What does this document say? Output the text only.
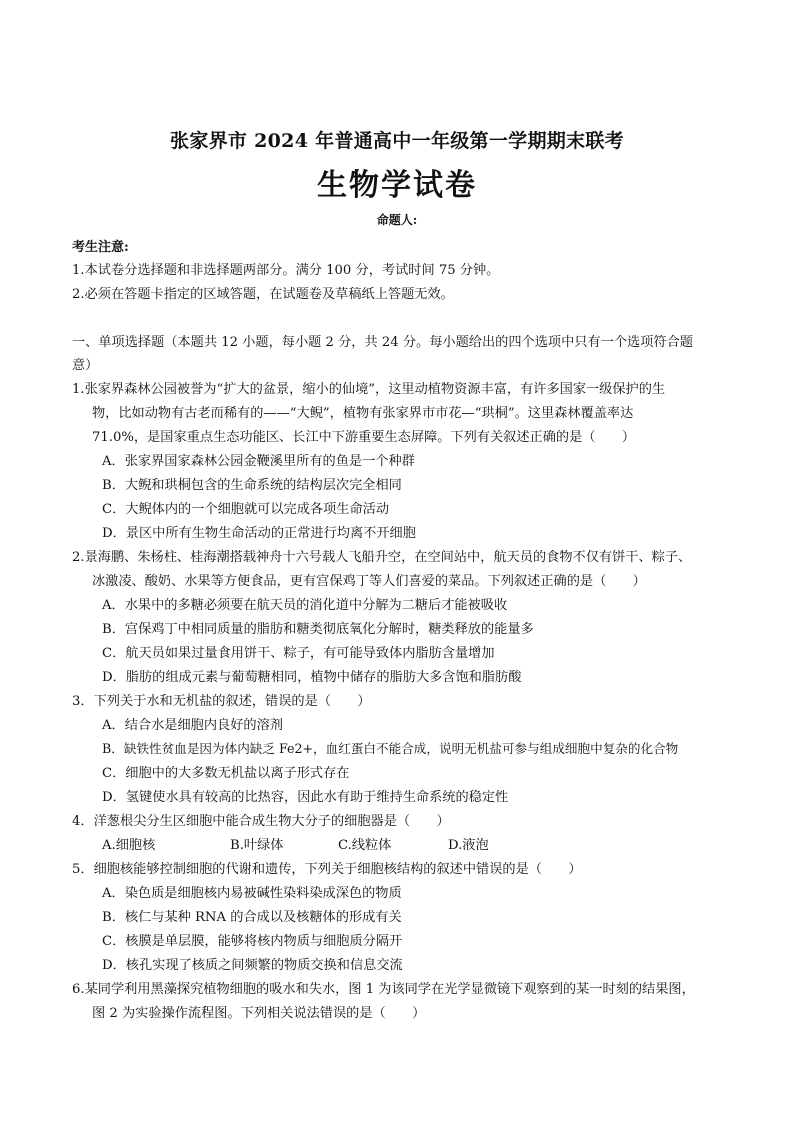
张家界市 2024 年普通高中一年级第一学期期末联考
生物学试卷
命题人:
考生注意:
1.本试卷分选择题和非选择题两部分。满分 100 分，考试时间 75 分钟。
2.必须在答题卡指定的区域答题，在试题卷及草稿纸上答题无效。
一、单项选择题（本题共 12 小题，每小题 2 分，共 24 分。每小题给出的四个选项中只有一个选项符合题
意）
1.张家界森林公园被誉为“扩大的盆景，缩小的仙境”，这里动植物资源丰富，有许多国家一级保护的生
物，比如动物有古老而稀有的——“大鲵”，植物有张家界市市花—“珙桐”。这里森林覆盖率达
71.0%，是国家重点生态功能区、长江中下游重要生态屏障。下列有关叙述正确的是（　　）
A．张家界国家森林公园金鞭溪里所有的鱼是一个种群
B．大鲵和珙桐包含的生命系统的结构层次完全相同
C．大鲵体内的一个细胞就可以完成各项生命活动
D．景区中所有生物生命活动的正常进行均离不开细胞
2.景海鹏、朱杨柱、桂海潮搭载神舟十六号载人飞船升空，在空间站中，航天员的食物不仅有饼干、粽子、
冰激凌、酸奶、水果等方便食品，更有宫保鸡丁等人们喜爱的菜品。下列叙述正确的是（　　）
A．水果中的多糖必须要在航天员的消化道中分解为二糖后才能被吸收
B．宫保鸡丁中相同质量的脂肪和糖类彻底氧化分解时，糖类释放的能量多
C．航天员如果过量食用饼干、粽子，有可能导致体内脂肪含量增加
D．脂肪的组成元素与葡萄糖相同，植物中储存的脂肪大多含饱和脂肪酸
3．下列关于水和无机盐的叙述，错误的是（　　）
A．结合水是细胞内良好的溶剂
B．缺铁性贫血是因为体内缺乏 Fe2+，血红蛋白不能合成，说明无机盐可参与组成细胞中复杂的化合物
C．细胞中的大多数无机盐以离子形式存在
D．氢键使水具有较高的比热容，因此水有助于维持生命系统的稳定性
4．洋葱根尖分生区细胞中能合成生物大分子的细胞器是（　　）
A.细胞核	B.叶绿体	C.线粒体	D.液泡
5．细胞核能够控制细胞的代谢和遗传，下列关于细胞核结构的叙述中错误的是（　　）
A．染色质是细胞核内易被碱性染料染成深色的物质
B．核仁与某种 RNA 的合成以及核糖体的形成有关
C．核膜是单层膜，能够将核内物质与细胞质分隔开
D．核孔实现了核质之间频繁的物质交换和信息交流
6.某同学利用黑藻探究植物细胞的吸水和失水，图 1 为该同学在光学显微镜下观察到的某一时刻的结果图，
图 2 为实验操作流程图。下列相关说法错误的是（　　）
